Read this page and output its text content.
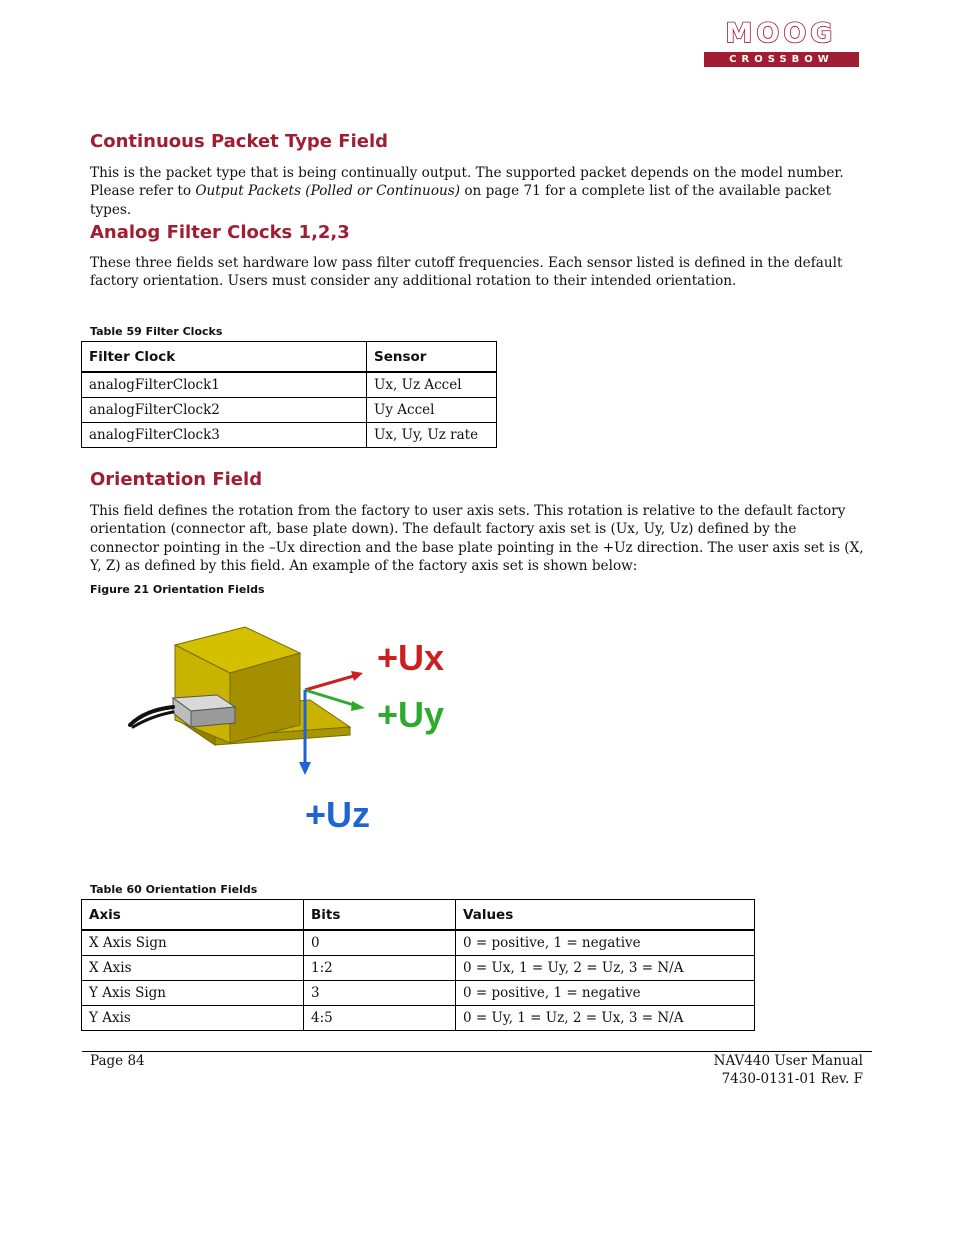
MOOG
CROSSBOW
Continuous Packet Type Field

This is the packet type that is being continually output. The supported packet depends on the model number. Please refer to Output Packets (Polled or Continuous) on page 71 for a complete list of the available packet types.

Analog Filter Clocks 1,2,3

These three fields set hardware low pass filter cutoff frequencies. Each sensor listed is defined in the default factory orientation. Users must consider any additional rotation to their intended orientation.

Table 59 Filter Clocks
Filter Clock	Sensor
analogFilterClock1	Ux, Uz Accel
analogFilterClock2	Uy Accel
analogFilterClock3	Ux, Uy, Uz rate
Orientation Field

This field defines the rotation from the factory to user axis sets. This rotation is relative to the default factory orientation (connector aft, base plate down). The default factory axis set is (Ux, Uy, Uz) defined by the connector pointing in the –Ux direction and the base plate pointing in the +Uz direction. The user axis set is (X, Y, Z) as defined by this field. An example of the factory axis set is shown below:

Figure 21 Orientation Fields
+Ux
+Uy
+Uz
Table 60 Orientation Fields
Axis	Bits	Values
X Axis Sign	0	0 = positive, 1 = negative
X Axis	1:2	0 = Ux, 1 = Uy, 2 = Uz, 3 = N/A
Y Axis Sign	3	0 = positive, 1 = negative
Y Axis	4:5	0 = Uy, 1 = Uz, 2 = Ux, 3 = N/A
Page 84	NAV440 User Manual
7430-0131-01 Rev. F
